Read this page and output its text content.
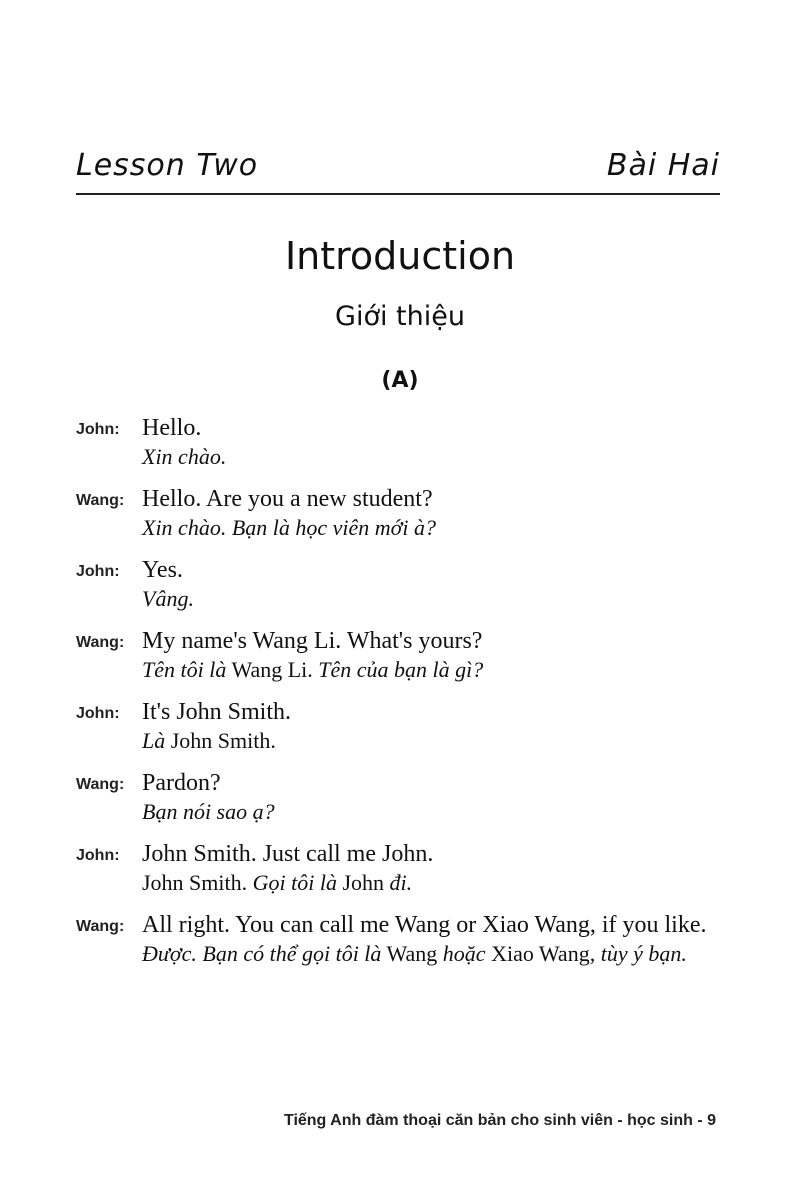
Lesson Two	Bài Hai
Introduction
Giới thiệu
(A)
John: Hello.
Xin chào.
Wang: Hello. Are you a new student?
Xin chào. Bạn là học viên mới à?
John: Yes.
Vâng.
Wang: My name's Wang Li. What's yours?
Tên tôi là Wang Li. Tên của bạn là gì?
John: It's John Smith.
Là John Smith.
Wang: Pardon?
Bạn nói sao ạ?
John: John Smith. Just call me John.
John Smith. Gọi tôi là John đi.
Wang: All right. You can call me Wang or Xiao Wang, if you like.
Được. Bạn có thể gọi tôi là Wang hoặc Xiao Wang, tùy ý bạn.
Tiếng Anh đàm thoại căn bản cho sinh viên - học sinh - 9
